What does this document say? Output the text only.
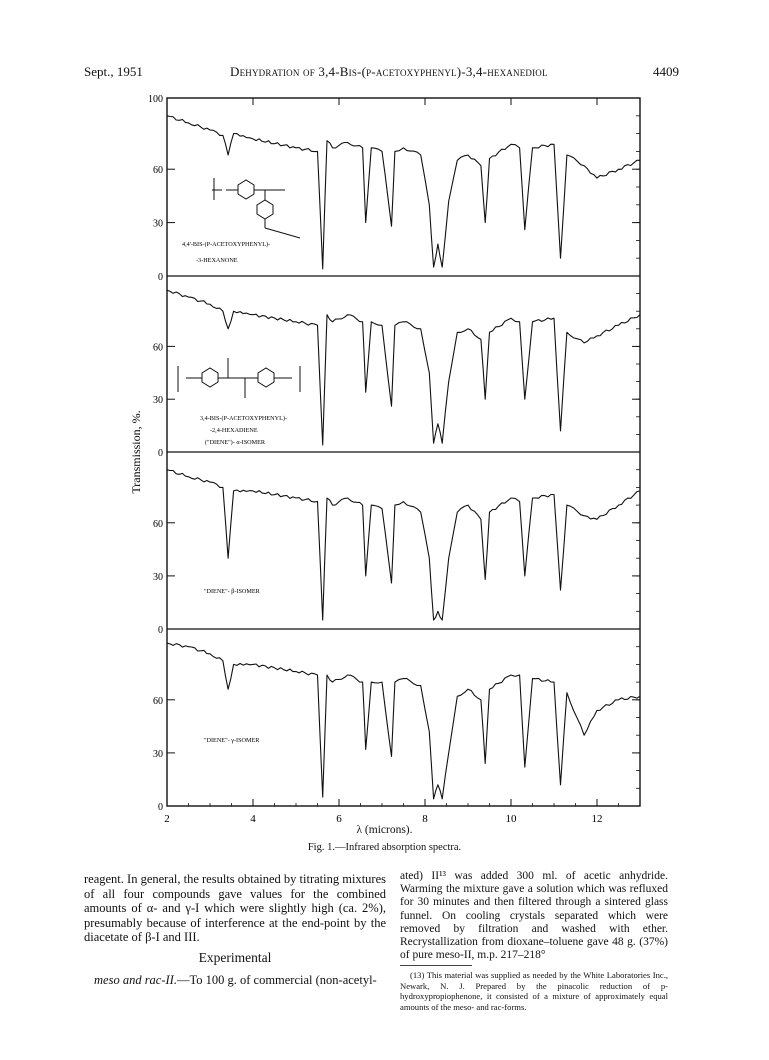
Sept., 1951	Dehydration of 3,4-Bis-(p-acetoxyphenyl)-3,4-hexanediol	4409
2	4	6	8	10	12
100
60
30
0
60
30
0
60
30
0
60
30
0
Transmission, %.
4,4'-BIS-(P-ACETOXYPHENYL)-
-3-HEXANONE
3,4-BIS-(P-ACETOXYPHENYL)-
-2,4-HEXADIENE
("DIENE")- α-ISOMER
"DIENE"- β-ISOMER
"DIENE"- γ-ISOMER
λ (microns).
Fig. 1.—Infrared absorption spectra.

reagent. In general, the results obtained by titrating mixtures of all four compounds gave values for the combined amounts of α- and γ-I which were slightly high (ca. 2%), presumably because of interference at the end-point by the diacetate of β-I and III.

Experimental

meso and rac-II.—To 100 g. of commercial (non-acetyl-

ated) II¹³ was added 300 ml. of acetic anhydride. Warming the mixture gave a solution which was refluxed for 30 minutes and then filtered through a sintered glass funnel. On cooling crystals separated which were removed by filtration and washed with ether. Recrystallization from dioxane–toluene gave 48 g. (37%) of pure meso-II, m.p. 217–218°

(13) This material was supplied as needed by the White Laboratories Inc., Newark, N. J. Prepared by the pinacolic reduction of p-hydroxypropiophenone, it consisted of a mixture of approximately equal amounts of the meso- and rac-forms.
